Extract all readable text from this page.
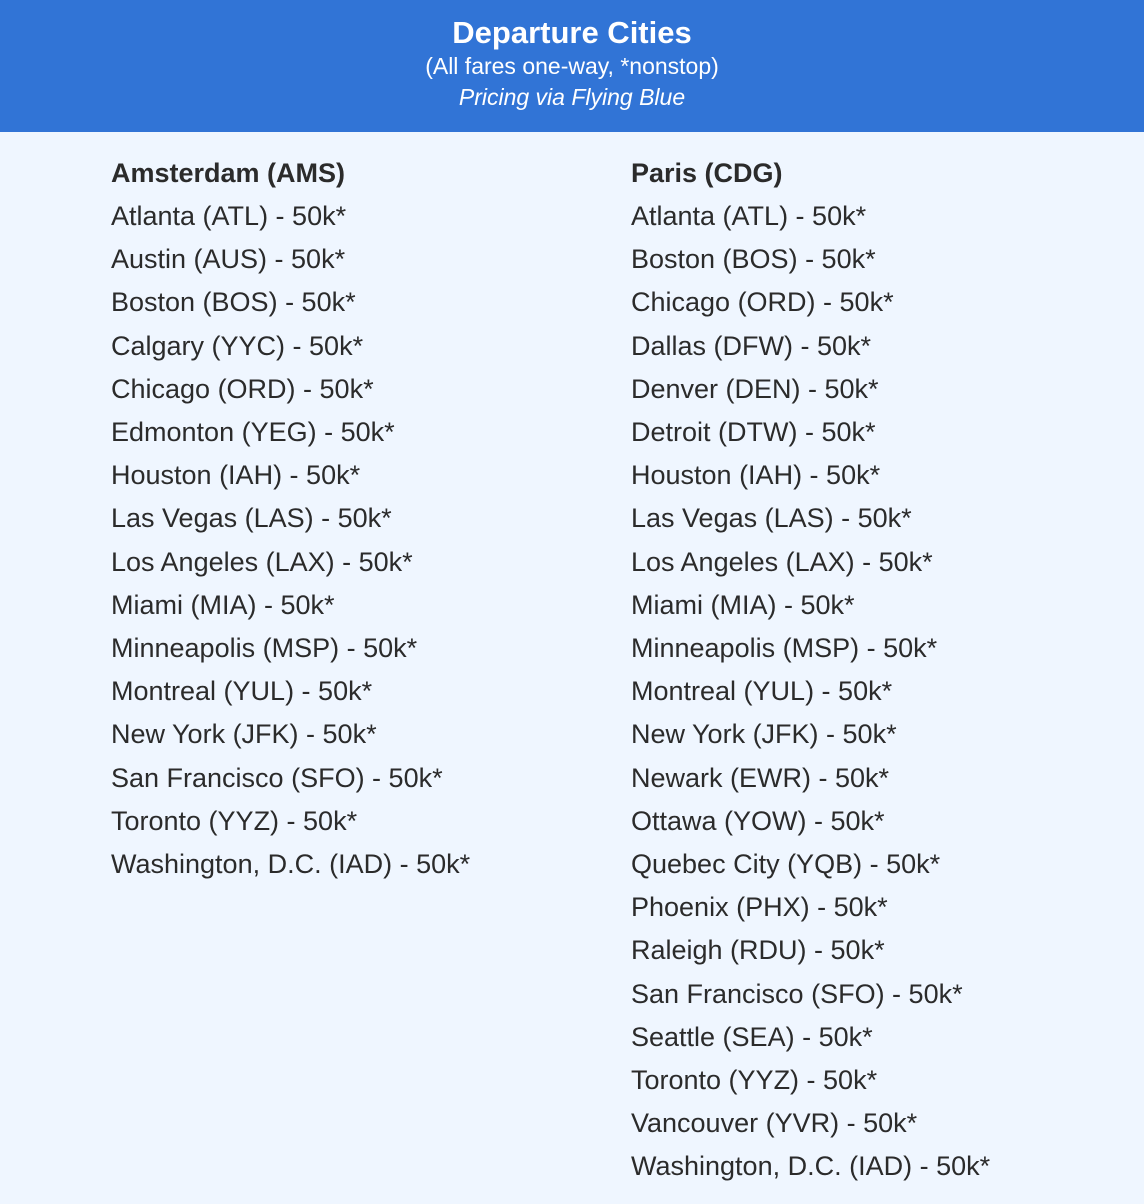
Departure Cities
(All fares one-way, *nonstop)
Pricing via Flying Blue
Amsterdam (AMS)
Atlanta (ATL) - 50k*
Austin (AUS) - 50k*
Boston (BOS) - 50k*
Calgary (YYC) - 50k*
Chicago (ORD) - 50k*
Edmonton (YEG) - 50k*
Houston (IAH) - 50k*
Las Vegas (LAS) - 50k*
Los Angeles (LAX) - 50k*
Miami (MIA) - 50k*
Minneapolis (MSP) - 50k*
Montreal (YUL) - 50k*
New York (JFK) - 50k*
San Francisco (SFO) - 50k*
Toronto (YYZ) - 50k*
Washington, D.C. (IAD) - 50k*
Paris (CDG)
Atlanta (ATL) - 50k*
Boston (BOS) - 50k*
Chicago (ORD) - 50k*
Dallas (DFW) - 50k*
Denver (DEN) - 50k*
Detroit (DTW) - 50k*
Houston (IAH) - 50k*
Las Vegas (LAS) - 50k*
Los Angeles (LAX) - 50k*
Miami (MIA) - 50k*
Minneapolis (MSP) - 50k*
Montreal (YUL) - 50k*
New York (JFK) - 50k*
Newark (EWR) - 50k*
Ottawa (YOW) - 50k*
Quebec City (YQB) - 50k*
Phoenix (PHX) - 50k*
Raleigh (RDU) - 50k*
San Francisco (SFO) - 50k*
Seattle (SEA) - 50k*
Toronto (YYZ) - 50k*
Vancouver (YVR) - 50k*
Washington, D.C. (IAD) - 50k*
